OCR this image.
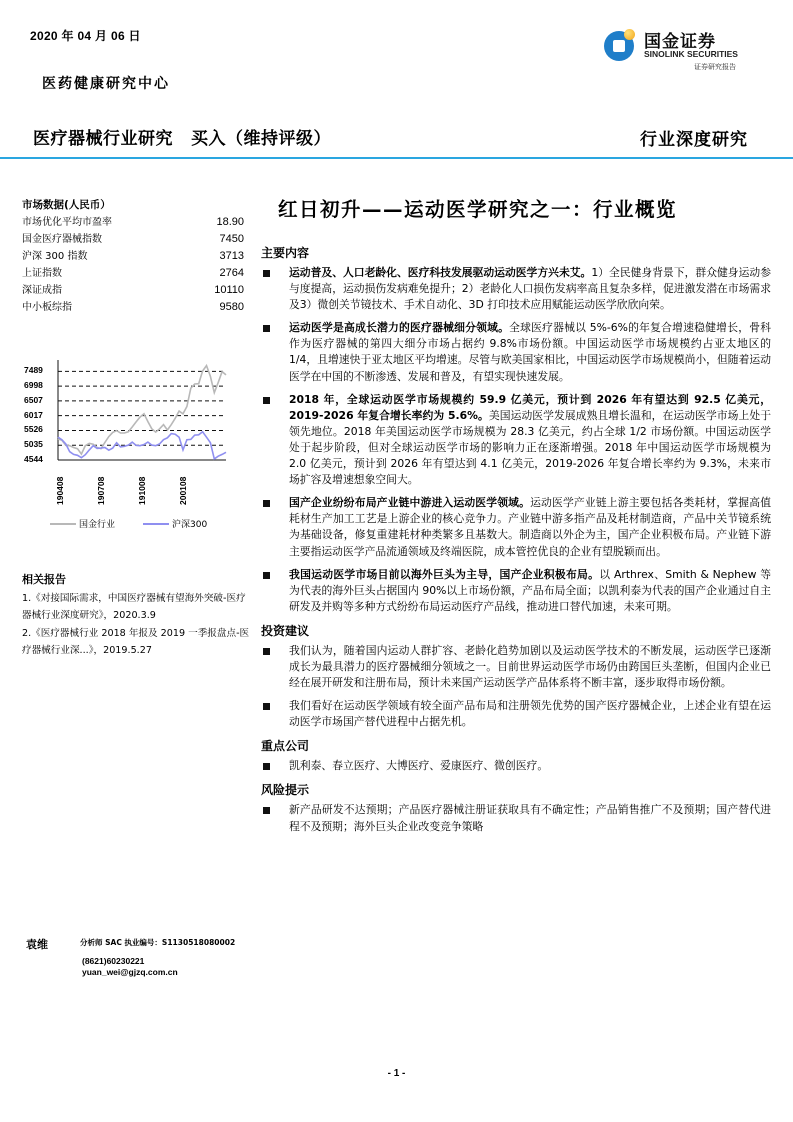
2020 年 04 月 06 日
医药健康研究中心
医疗器械行业研究 买入（维持评级）	行业深度研究
国金证券
SINOLINK SECURITIES
证券研究报告
市场数据(人民币）
市场优化平均市盈率	18.90
国金医疗器械指数	7450
沪深 300 指数	3713
上证指数	2764
深证成指	10110
中小板综指	9580
7489
6998
6507
6017
5526
5035
4544
190408	190708	191008	200108
国金行业	沪深300
相关报告

1.《对接国际需求，中国医疗器械有望海外突破-医疗器械行业深度研究》，2020.3.9

2.《医疗器械行业 2018 年报及 2019 一季报盘点-医疗器械行业深...》，2019.5.27

袁维	分析师 SAC 执业编号：S1130518080002
(8621)60230221
yuan_wei@gjzq.com.cn
红日初升——运动医学研究之一：行业概览
主要内容
运动普及、人口老龄化、医疗科技发展驱动运动医学方兴未艾。1）全民健身背景下，群众健身运动参与度提高，运动损伤发病难免提升；2）老龄化人口损伤发病率高且复杂多样，促进激发潜在市场需求及3）微创关节镜技术、手术自动化、3D 打印技术应用赋能运动医学欣欣向荣。
运动医学是高成长潜力的医疗器械细分领域。全球医疗器械以 5%-6%的年复合增速稳健增长，骨科作为医疗器械的第四大细分市场占据约 9.8%市场份额。中国运动医学市场规模约占亚太地区的 1/4，且增速快于亚太地区平均增速。尽管与欧美国家相比，中国运动医学市场规模尚小，但随着运动医学在中国的不断渗透、发展和普及，有望实现快速发展。
2018 年，全球运动医学市场规模约 59.9 亿美元，预计到 2026 年有望达到 92.5 亿美元，2019-2026 年复合增长率约为 5.6%。美国运动医学发展成熟且增长温和，在运动医学市场上处于领先地位。2018 年美国运动医学市场规模为 28.3 亿美元，约占全球 1/2 市场份额。中国运动医学处于起步阶段，但对全球运动医学市场的影响力正在逐渐增强。2018 年中国运动医学市场规模为 2.0 亿美元，预计到 2026 年有望达到 4.1 亿美元，2019-2026 年复合增长率约为 9.3%，未来市场扩容及增速想象空间大。
国产企业纷纷布局产业链中游进入运动医学领域。运动医学产业链上游主要包括各类耗材，掌握高值耗材生产加工工艺是上游企业的核心竞争力。产业链中游多指产品及耗材制造商，产品中关节镜系统为基础设备，修复重建耗材种类繁多且基数大。制造商以外企为主，国产企业积极布局。产业链下游主要指运动医学产品流通领域及终端医院，成本管控优良的企业有望脱颖而出。
我国运动医学市场目前以海外巨头为主导，国产企业积极布局。以 Arthrex、Smith & Nephew 等为代表的海外巨头占据国内 90%以上市场份额，产品布局全面；以凯利泰为代表的国产企业通过自主研发及并购等多种方式纷纷布局运动医疗产品线，推动进口替代加速，未来可期。
投资建议
我们认为，随着国内运动人群扩容、老龄化趋势加剧以及运动医学技术的不断发展，运动医学已逐渐成长为最具潜力的医疗器械细分领域之一。目前世界运动医学市场仍由跨国巨头垄断，但国内企业已经在展开研发和注册布局，预计未来国产运动医学产品体系将不断丰富，逐步取得市场份额。
我们看好在运动医学领域有较全面产品布局和注册领先优势的国产医疗器械企业，上述企业有望在运动医学市场国产替代进程中占据先机。
重点公司
凯利泰、春立医疗、大博医疗、爱康医疗、微创医疗。
风险提示
新产品研发不达预期；产品医疗器械注册证获取具有不确定性；产品销售推广不及预期；国产替代进程不及预期；海外巨头企业改变竞争策略
- 1 -
